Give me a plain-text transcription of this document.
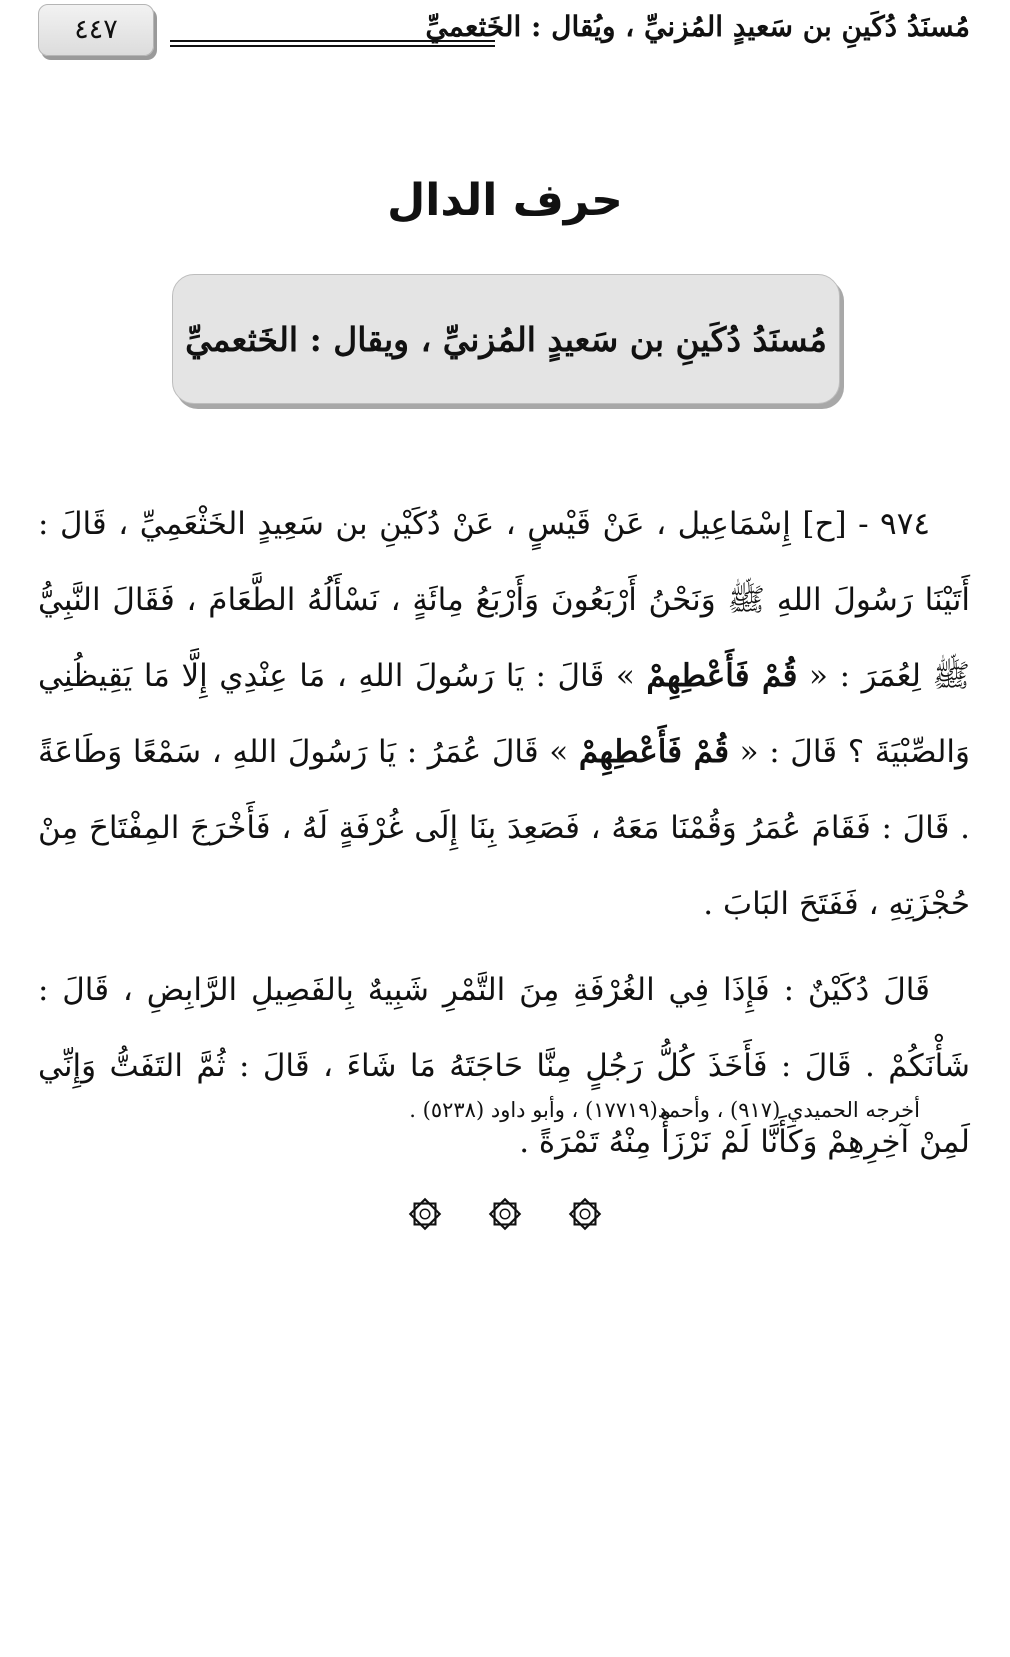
٤٤٧	مُسنَدُ دُكَينِ بن سَعيدٍ المُزنيِّ ، ويُقال : الخَثعميِّ
حرف الدال
مُسنَدُ دُكَينِ بن سَعيدٍ المُزنيِّ ، ويقال : الخَثعميِّ

٩٧٤ - [ح] إِسْمَاعِيل ، عَنْ قَيْسٍ ، عَنْ دُكَيْنِ بن سَعِيدٍ الخَثْعَمِيِّ ، قَالَ : أَتَيْنَا رَسُولَ اللهِ ﷺ وَنَحْنُ أَرْبَعُونَ وَأَرْبَعُ مِائَةٍ ، نَسْأَلُهُ الطَّعَامَ ، فَقَالَ النَّبِيُّ ﷺ لِعُمَرَ : « قُمْ فَأَعْطِهِمْ » قَالَ : يَا رَسُولَ اللهِ ، مَا عِنْدِي إِلَّا مَا يَقِيظُنِي وَالصِّبْيَةَ ؟ قَالَ : « قُمْ فَأَعْطِهِمْ » قَالَ عُمَرُ : يَا رَسُولَ اللهِ ، سَمْعًا وَطَاعَةً . قَالَ : فَقَامَ عُمَرُ وَقُمْنَا مَعَهُ ، فَصَعِدَ بِنَا إِلَى غُرْفَةٍ لَهُ ، فَأَخْرَجَ المِفْتَاحَ مِنْ حُجْزَتِهِ ، فَفَتَحَ البَابَ .

قَالَ دُكَيْنٌ : فَإِذَا فِي الغُرْفَةِ مِنَ التَّمْرِ شَبِيهٌ بِالفَصِيلِ الرَّابِضِ ، قَالَ : شَأْنَكُمْ . قَالَ : فَأَخَذَ كُلُّ رَجُلٍ مِنَّا حَاجَتَهُ مَا شَاءَ ، قَالَ : ثُمَّ التَفَتُّ وَإِنِّي لَمِنْ آخِرِهِمْ وَكَأَنَّا لَمْ نَرْزَأْ مِنْهُ تَمْرَةً .

أخرجه الحميدي (٩١٧) ، وأحمد(١٧٧١٩) ، وأبو داود (٥٢٣٨) .
